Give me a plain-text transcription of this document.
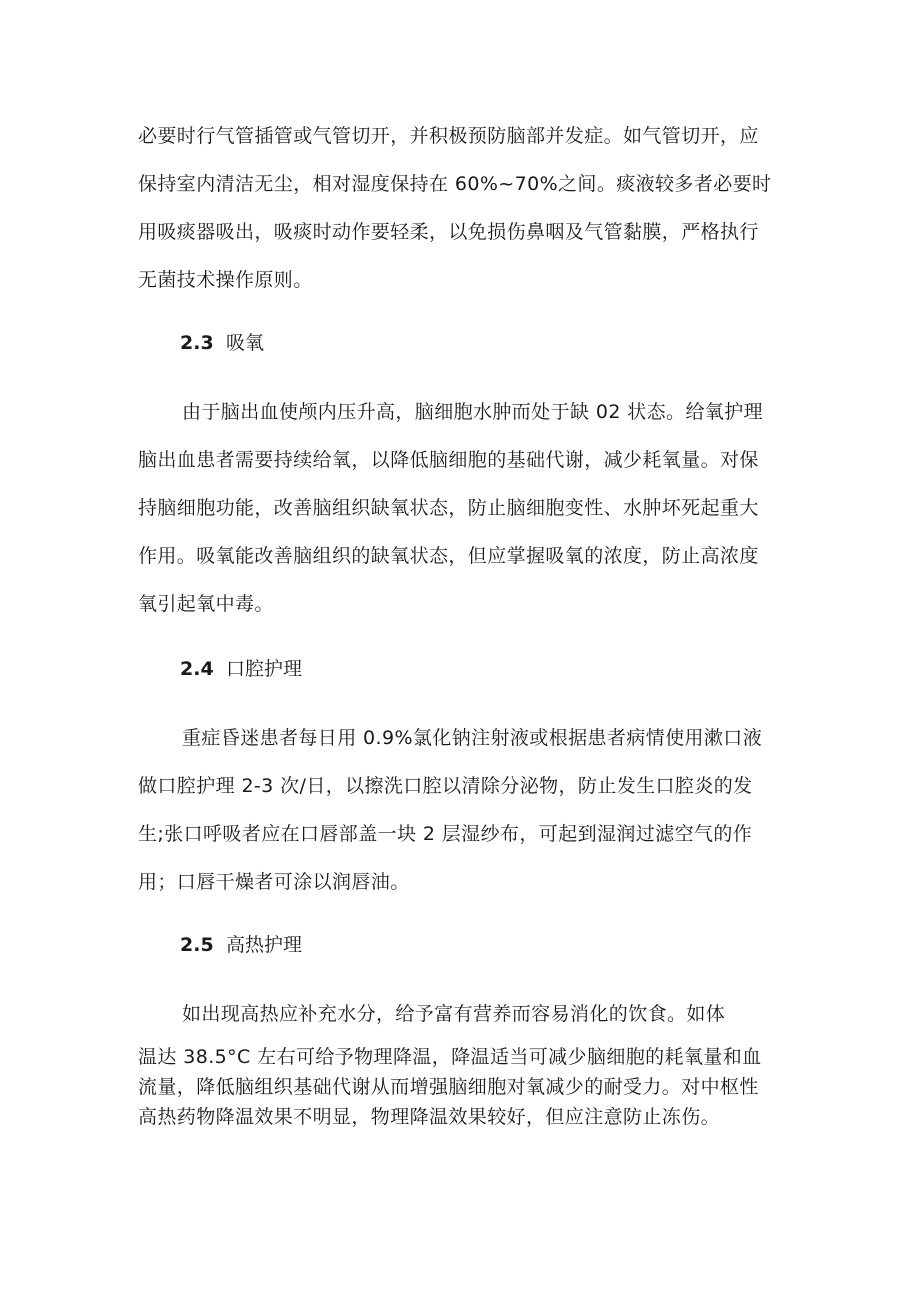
必要时行气管插管或气管切开，并积极预防脑部并发症。如气管切开，应
保持室内清洁无尘，相对湿度保持在 60%~70%之间。痰液较多者必要时
用吸痰器吸出，吸痰时动作要轻柔，以免损伤鼻咽及气管黏膜，严格执行
无菌技术操作原则。
2.3 吸氧
由于脑出血使颅内压升高，脑细胞水肿而处于缺 02 状态。给氧护理
脑出血患者需要持续给氧，以降低脑细胞的基础代谢，减少耗氧量。对保
持脑细胞功能，改善脑组织缺氧状态，防止脑细胞变性、水肿坏死起重大
作用。吸氧能改善脑组织的缺氧状态，但应掌握吸氧的浓度，防止高浓度
氧引起氧中毒。
2.4 口腔护理
重症昏迷患者每日用 0.9%氯化钠注射液或根据患者病情使用漱口液
做口腔护理 2-3 次/日，以擦洗口腔以清除分泌物，防止发生口腔炎的发
生;张口呼吸者应在口唇部盖一块 2 层湿纱布，可起到湿润过滤空气的作
用；口唇干燥者可涂以润唇油。
2.5 高热护理
如出现高热应补充水分，给予富有营养而容易消化的饮食。如体
温达 38.5°C 左右可给予物理降温，降温适当可减少脑细胞的耗氧量和血
流量，降低脑组织基础代谢从而增强脑细胞对氧减少的耐受力。对中枢性
高热药物降温效果不明显，物理降温效果较好，但应注意防止冻伤。
